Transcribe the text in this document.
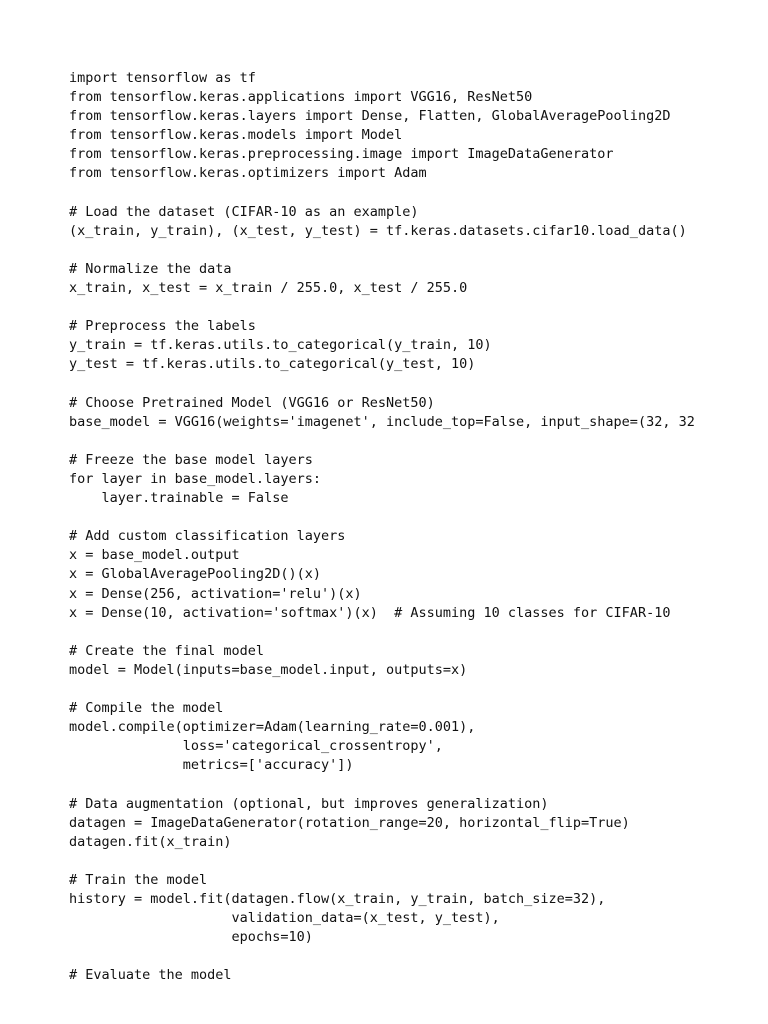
import tensorflow as tf
from tensorflow.keras.applications import VGG16, ResNet50
from tensorflow.keras.layers import Dense, Flatten, GlobalAveragePooling2D
from tensorflow.keras.models import Model
from tensorflow.keras.preprocessing.image import ImageDataGenerator
from tensorflow.keras.optimizers import Adam
# Load the dataset (CIFAR-10 as an example)
(x_train, y_train), (x_test, y_test) = tf.keras.datasets.cifar10.load_data()
# Normalize the data
x_train, x_test = x_train / 255.0, x_test / 255.0
# Preprocess the labels
y_train = tf.keras.utils.to_categorical(y_train, 10)
y_test = tf.keras.utils.to_categorical(y_test, 10)
# Choose Pretrained Model (VGG16 or ResNet50)
base_model = VGG16(weights='imagenet', include_top=False, input_shape=(32, 32
# Freeze the base model layers
for layer in base_model.layers:
layer.trainable = False
# Add custom classification layers
x = base_model.output
x = GlobalAveragePooling2D()(x)
x = Dense(256, activation='relu')(x)
x = Dense(10, activation='softmax')(x)  # Assuming 10 classes for CIFAR-10
# Create the final model
model = Model(inputs=base_model.input, outputs=x)
# Compile the model
model.compile(optimizer=Adam(learning_rate=0.001),
loss='categorical_crossentropy',
metrics=['accuracy'])
# Data augmentation (optional, but improves generalization)
datagen = ImageDataGenerator(rotation_range=20, horizontal_flip=True)
datagen.fit(x_train)
# Train the model
history = model.fit(datagen.flow(x_train, y_train, batch_size=32),
validation_data=(x_test, y_test),
epochs=10)
# Evaluate the model
